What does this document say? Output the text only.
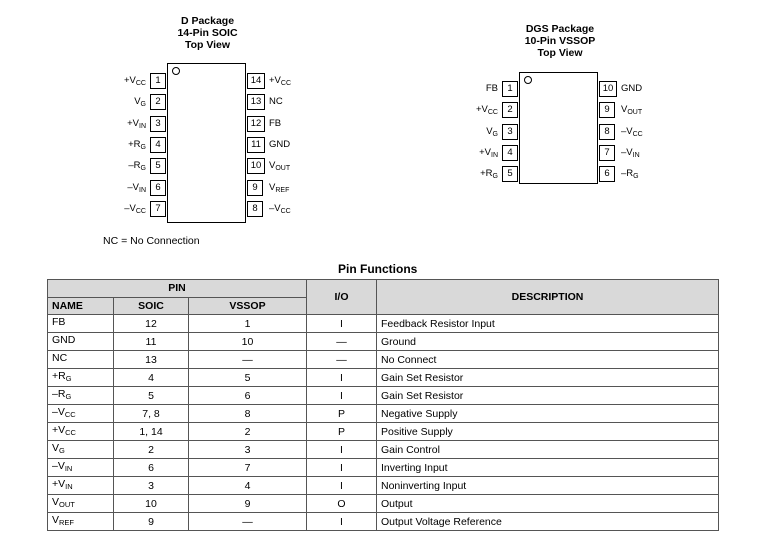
D Package
14-Pin SOIC
Top View
1
$+V_{CC}$
2
$V_G$
3
$+V_{IN}$
4
$+R_G$
5
$-R_G$
6
$-V_{IN}$
7
$-V_{CC}$
$14 +V_{CC}$
13 NC
12 FB
11 GND
10 $V_{OUT}$
9	$V_{REF}$
8	$-V_{CC}$
NC = No Connection
DGS Package
10-Pin VSSOP
Top View
1
FB
2
$+V_{CC}$
3
$V_G$
4
$+V_{IN}$
5
$+R_G$
10 GND
9	$V_{OUT}$
8	$-V_{CC}$
7	$-V_{IN}$
6	$-R_G$
Pin Functions
PIN			I/O	DESCRIPTION
NAME	SOIC	VSSOP		
FB	12	1	I	Feedback Resistor Input
GND	11	10	—	Ground
NC	13	—	—	No Connect
$+R_G$	4	5	I	Gain Set Resistor
$-R_G$	5	6	I	Gain Set Resistor
$-V_{CC}$	7, 8	8	P	Negative Supply
$+V_{CC}$	1, 14	2	P	Positive Supply
$V_G$	2	3	I	Gain Control
$-V_{IN}$	6	7	I	Inverting Input
$+V_{IN}$	3	4	I	Noninverting Input
$V_{OUT}$	10	9	O	Output
$V_{REF}$	9	—	I	Output Voltage Reference
